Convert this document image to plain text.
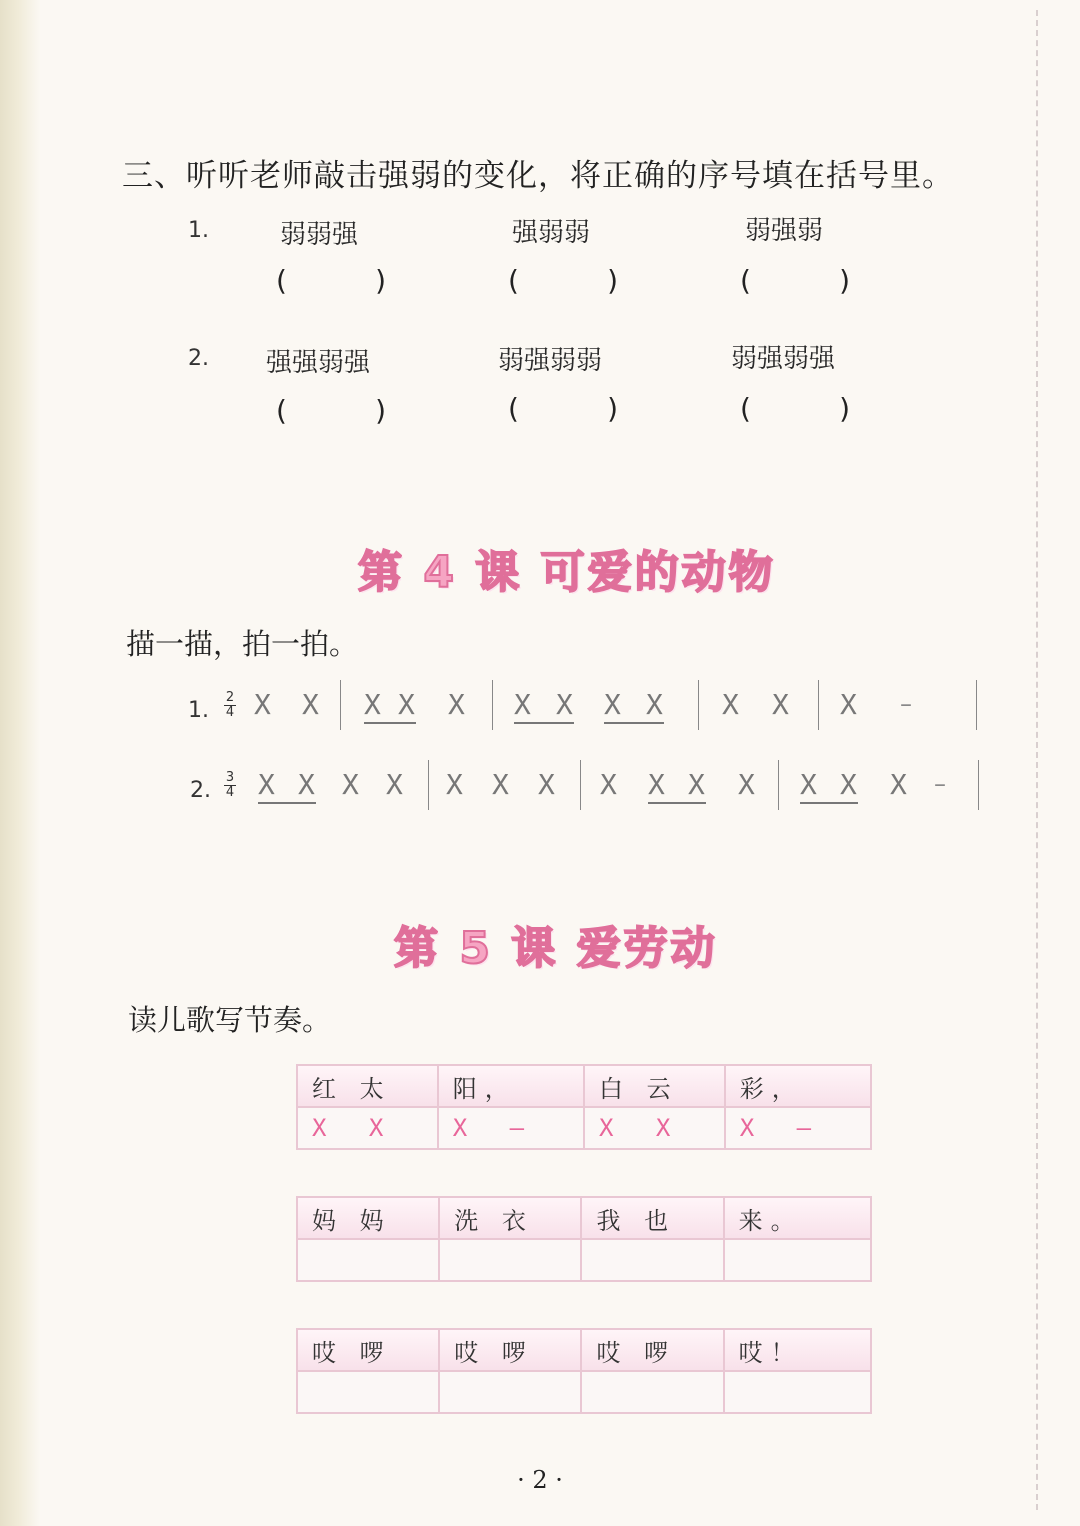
三、听听老师敲击强弱的变化，将正确的序号填在括号里。
1.	弱弱强	强弱弱	弱强弱
(	)	(	)	(	)
2. 强强弱强	弱强弱弱	弱强弱强
(	)	(	)	(	)
第 4 课 可爱的动物
描一描，拍一拍。
1.
2
4 X X X X X X X X X X X X –
2.
3
4 X X X X X X X X X X X X X X –
第 5 课 爱劳动
读儿歌写节奏。
红 太	阳，	白 云	彩，
X X	X –	X X	X –
妈 妈	洗 衣	我 也	来。

哎 啰	哎 啰	哎 啰	哎！

· 2 ·
